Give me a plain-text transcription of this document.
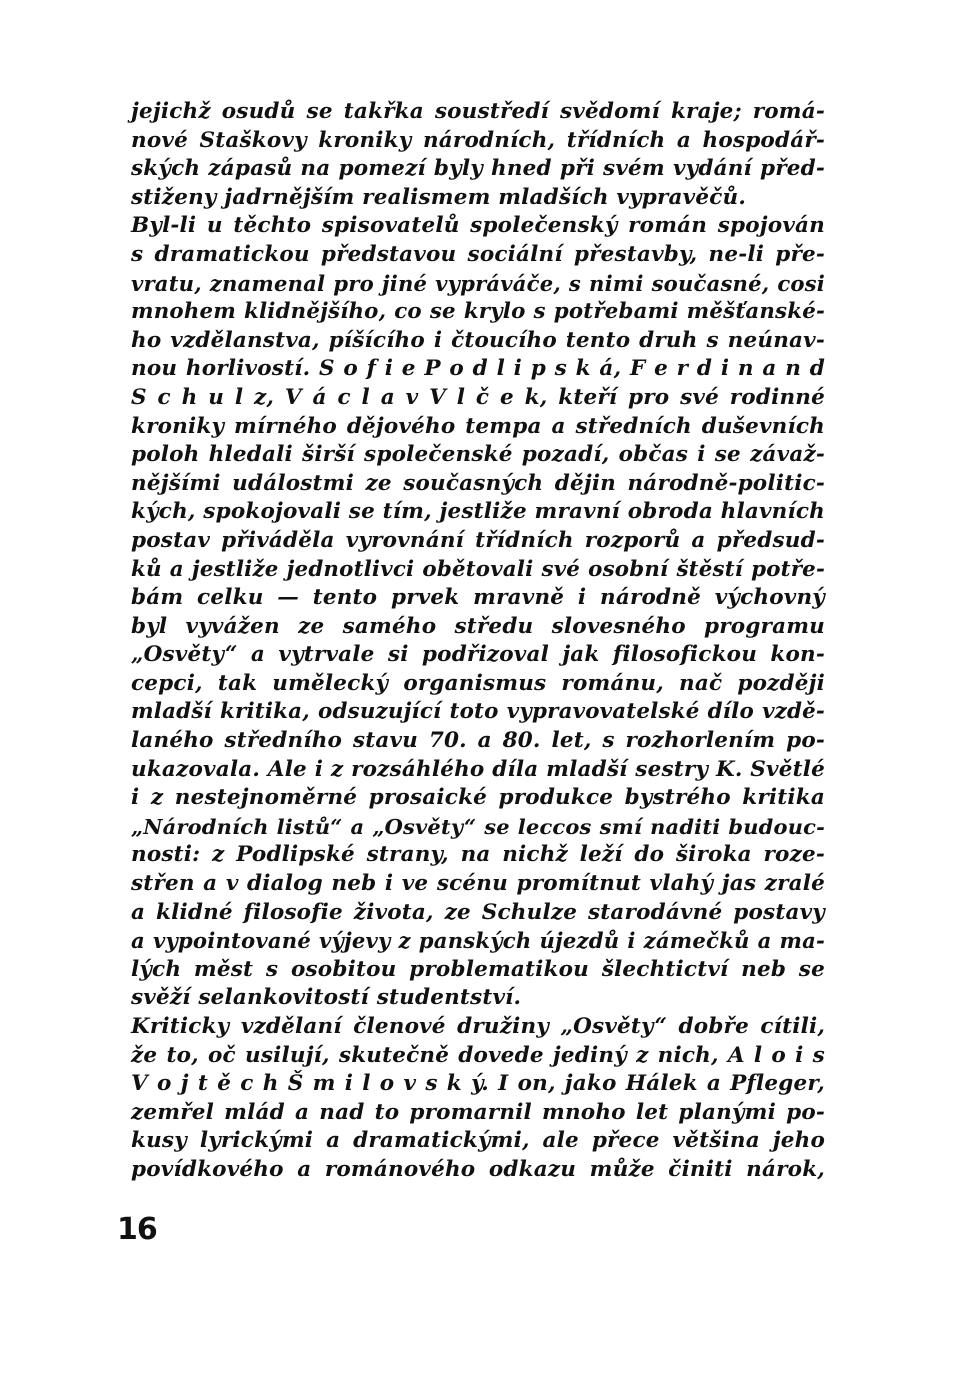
jejichž osudů se takřka soustředí svědomí kraje; romá-
nové Staškovy kroniky národních, třídních a hospodář-
ských zápasů na pomezí byly hned při svém vydání před-
stiženy jadrnějším realismem mladších vypravěčů.
Byl-li u těchto spisovatelů společenský román spojován
s dramatickou představou sociální přestavby, ne-li pře-
vratu, znamenal pro jiné vypráváče, s nimi současné, cosi
mnohem klidnějšího, co se krylo s potřebami měšťanské-
ho vzdělanstva, píšícího i čtoucího tento druh s neúnav-
nou horlivostí. S o f i e P o d l i p s k á, F e r d i n a n d
S c h u l z, V á c l a v V l č e k, kteří pro své rodinné
kroniky mírného dějového tempa a středních duševních
poloh hledali širší společenské pozadí, občas i se závaž-
nějšími událostmi ze současných dějin národně-politic-
kých, spokojovali se tím, jestliže mravní obroda hlavních
postav přiváděla vyrovnání třídních rozporů a předsud-
ků a jestliže jednotlivci obětovali své osobní štěstí potře-
bám celku — tento prvek mravně i národně výchovný
byl vyvážen ze samého středu slovesného programu
„Osvěty“ a vytrvale si podřizoval jak filosofickou kon-
cepci, tak umělecký organismus románu, nač později
mladší kritika, odsuzující toto vypravovatelské dílo vzdě-
laného středního stavu 70. a 80. let, s rozhorlením po-
ukazovala. Ale i z rozsáhlého díla mladší sestry K. Světlé
i z nestejnoměrné prosaické produkce bystrého kritika
„Národních listů“ a „Osvěty“ se leccos smí naditi budouc-
nosti: z Podlipské strany, na nichž leží do široka roze-
střen a v dialog neb i ve scénu promítnut vlahý jas zralé
a klidné filosofie života, ze Schulze starodávné postavy
a vypointované výjevy z panských újezdů i zámečků a ma-
lých měst s osobitou problematikou šlechtictví neb se
svěží selankovitostí studentství.
Kriticky vzdělaní členové družiny „Osvěty“ dobře cítili,
že to, oč usilují, skutečně dovede jediný z nich, A l o i s
V o j t ě c h Š m i l o v s k ý. I on, jako Hálek a Pfleger,
zemřel mlád a nad to promarnil mnoho let planými po-
kusy lyrickými a dramatickými, ale přece většina jeho
povídkového a románového odkazu může činiti nárok,
16
